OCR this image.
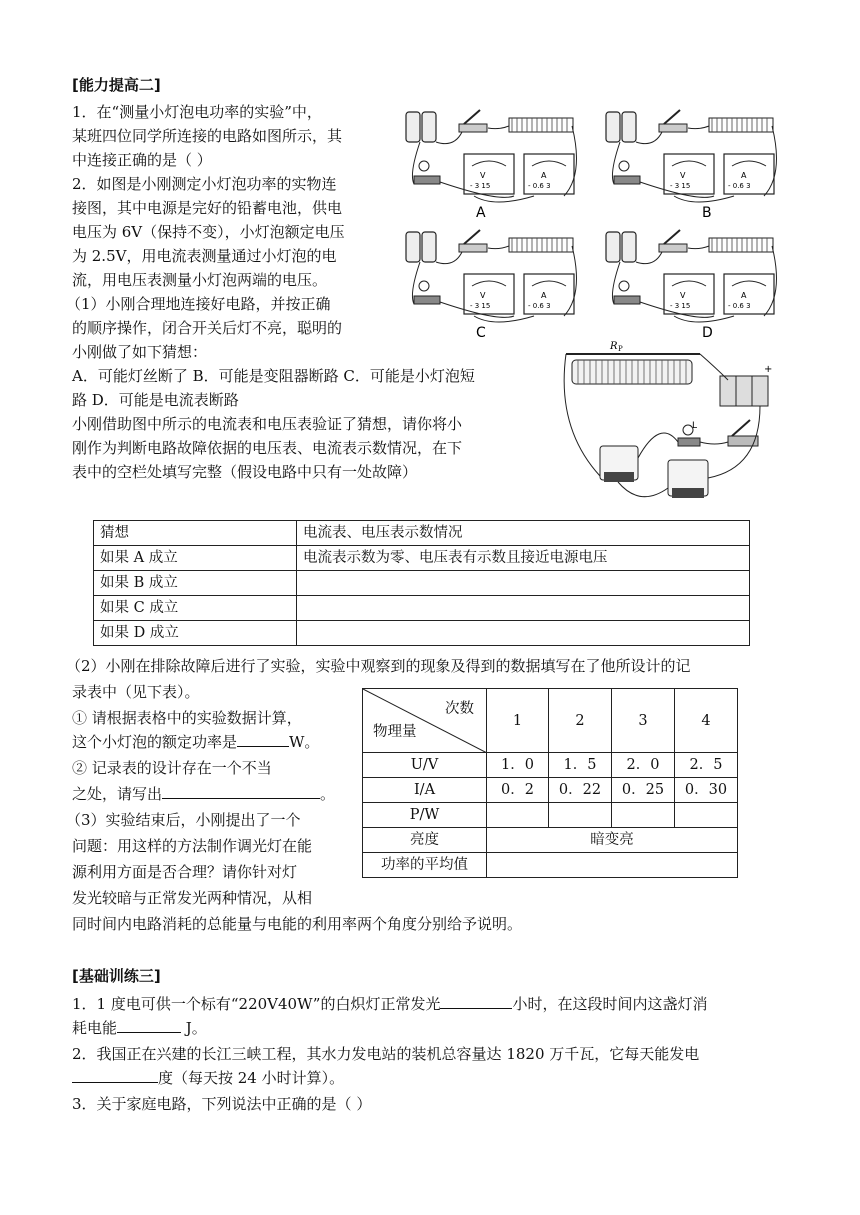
[能力提高二]
1．在“测量小灯泡电功率的实验”中，
某班四位同学所连接的电路如图所示，其
中连接正确的是（ ）
2．如图是小刚测定小灯泡功率的实物连
接图，其中电源是完好的铅蓄电池，供电
电压为 6V（保持不变），小灯泡额定电压
为 2.5V，用电流表测量通过小灯泡的电
流，用电压表测量小灯泡两端的电压。
（1）小刚合理地连接好电路，并按正确
的顺序操作，闭合开关后灯不亮，聪明的
小刚做了如下猜想：
A．可能灯丝断了 B．可能是变阻器断路 C．可能是小灯泡短
路 D．可能是电流表断路
小刚借助图中所示的电流表和电压表验证了猜想，请你将小
刚作为判断电路故障依据的电压表、电流表示数情况，在下
表中的空栏处填写完整（假设电路中只有一处故障）
V	A	V	A
V	A	V	A
- 3 15	- 0.6 3	- 3 15	- 0.6 3
- 3 15	- 0.6 3	- 3 15	- 0.6 3
A	B
C	D
R P
+
L
猜想	电流表、电压表示数情况
如果 A 成立	电流表示数为零、电压表有示数且接近电源电压
如果 B 成立	
如果 C 成立	
如果 D 成立	
（2）小刚在排除故障后进行了实验，实验中观察到的现象及得到的数据填写在了他所设计的记
录表中（见下表）。
① 请根据表格中的实验数据计算，
这个小灯泡的额定功率是	W。
② 记录表的设计存在一个不当
之处，请写出	。
（3）实验结束后，小刚提出了一个
问题：用这样的方法制作调光灯在能
源利用方面是否合理？请你针对灯
发光较暗与正常发光两种情况，从相
同时间内电路消耗的总能量与电能的利用率两个角度分别给予说明。
次数
物理量	1	2	3	4
U/V	1．0	1．5	2．0	2．5
I/A	0．2	0．22	0．25	0．30
P/W				
亮度	暗变亮			
功率的平均值				
[基础训练三]
1．1 度电可供一个标有“220V40W”的白炽灯正常发光	小时，在这段时间内这盏灯消
耗电能	J。
2．我国正在兴建的长江三峡工程，其水力发电站的装机总容量达 1820 万千瓦，它每天能发电
度（每天按 24 小时计算）。
3．关于家庭电路，下列说法中正确的是（ ）
